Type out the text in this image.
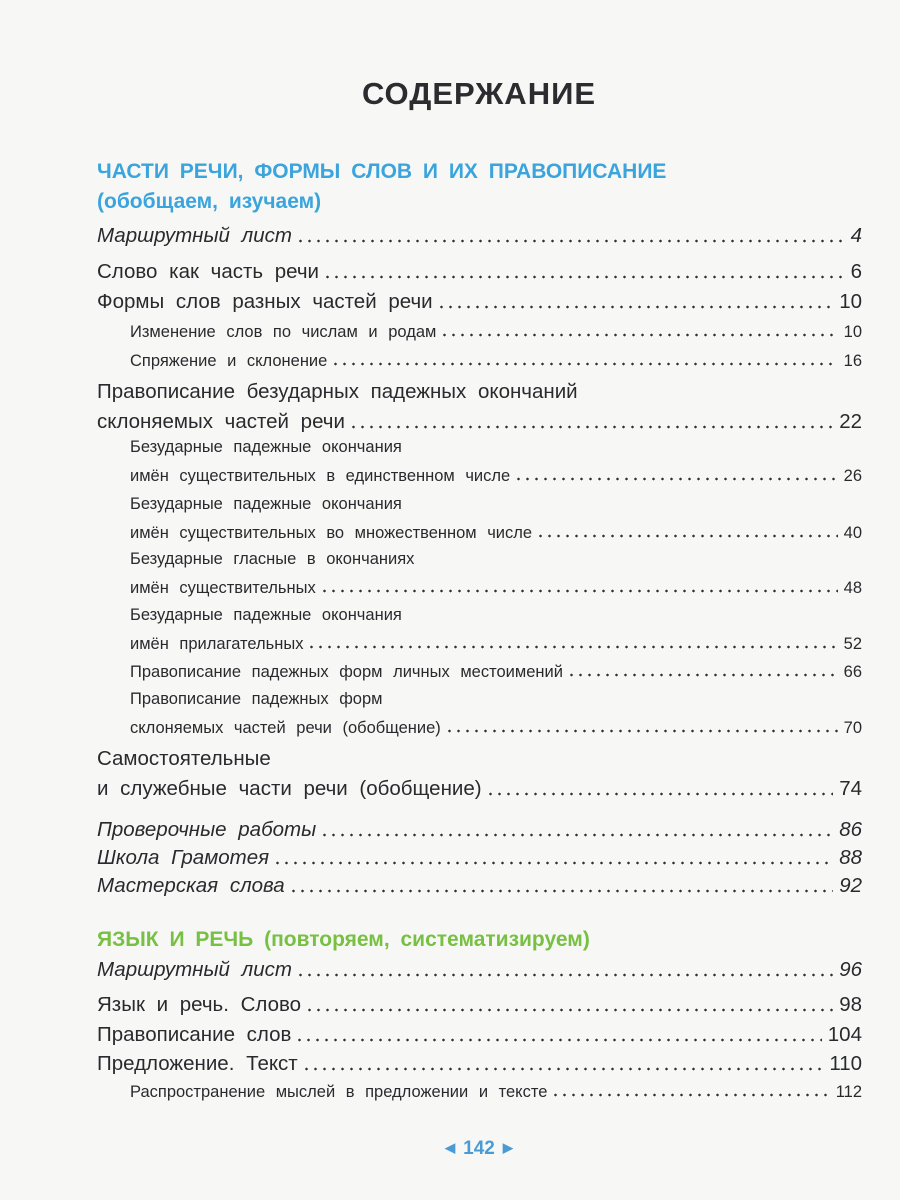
СОДЕРЖАНИЕ
ЧАСТИ РЕЧИ, ФОРМЫ СЛОВ И ИХ ПРАВОПИСАНИЕ
(обобщаем, изучаем)
ЯЗЫК И РЕЧЬ (повторяем, систематизируем)
Маршрутный лист	4
Слово как часть речи	6
Формы слов разных частей речи	10
Изменение слов по числам и родам	10
Спряжение и склонение	16
Правописание безударных падежных окончаний
склоняемых частей речи	22
Безударные падежные окончания
имён существительных в единственном числе	26
Безударные падежные окончания
имён существительных во множественном числе	40
Безударные гласные в окончаниях
имён существительных	48
Безударные падежные окончания
имён прилагательных	52
Правописание падежных форм личных местоимений	66
Правописание падежных форм
склоняемых частей речи (обобщение)	70
Самостоятельные
и служебные части речи (обобщение)	74
Проверочные работы	86
Школа Грамотея	88
Мастерская слова	92
Маршрутный лист	96
Язык и речь. Слово	98
Правописание слов	104
Предложение. Текст	110
Распространение мыслей в предложении и тексте	112
◀ 142 ▶
